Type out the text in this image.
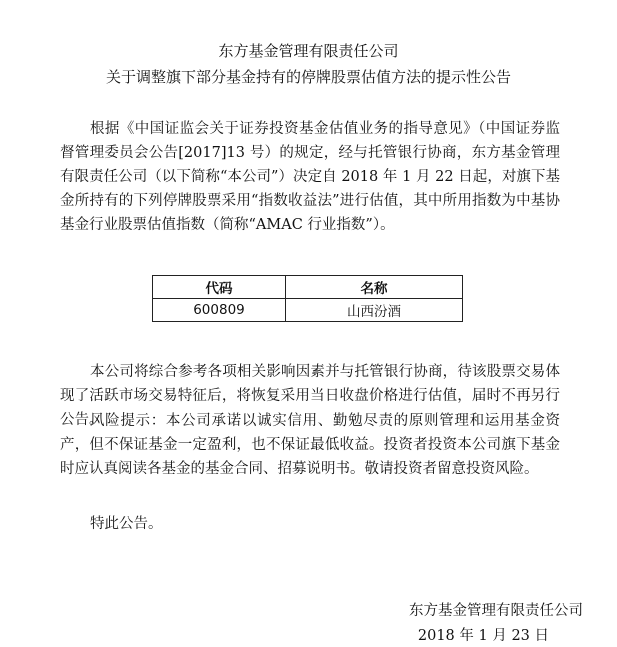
东方基金管理有限责任公司
关于调整旗下部分基金持有的停牌股票估值方法的提示性公告

根据《中国证监会关于证券投资基金估值业务的指导意见》（中国证券监督管理委员会公告[2017]13 号）的规定，经与托管银行协商，东方基金管理有限责任公司（以下简称“本公司”）决定自 2018 年 1 月 22 日起，对旗下基金所持有的下列停牌股票采用“指数收益法”进行估值，其中所用指数为中基协基金行业股票估值指数（简称“AMAC 行业指数”）。

代码	名称
600809	山西汾酒

本公司将综合参考各项相关影响因素并与托管银行协商，待该股票交易体现了活跃市场交易特征后，将恢复采用当日收盘价格进行估值，届时不再另行公告。

风险提示：本公司承诺以诚实信用、勤勉尽责的原则管理和运用基金资产，但不保证基金一定盈利，也不保证最低收益。投资者投资本公司旗下基金时应认真阅读各基金的基金合同、招募说明书。敬请投资者留意投资风险。

特此公告。

东方基金管理有限责任公司
2018 年 1 月 23 日
